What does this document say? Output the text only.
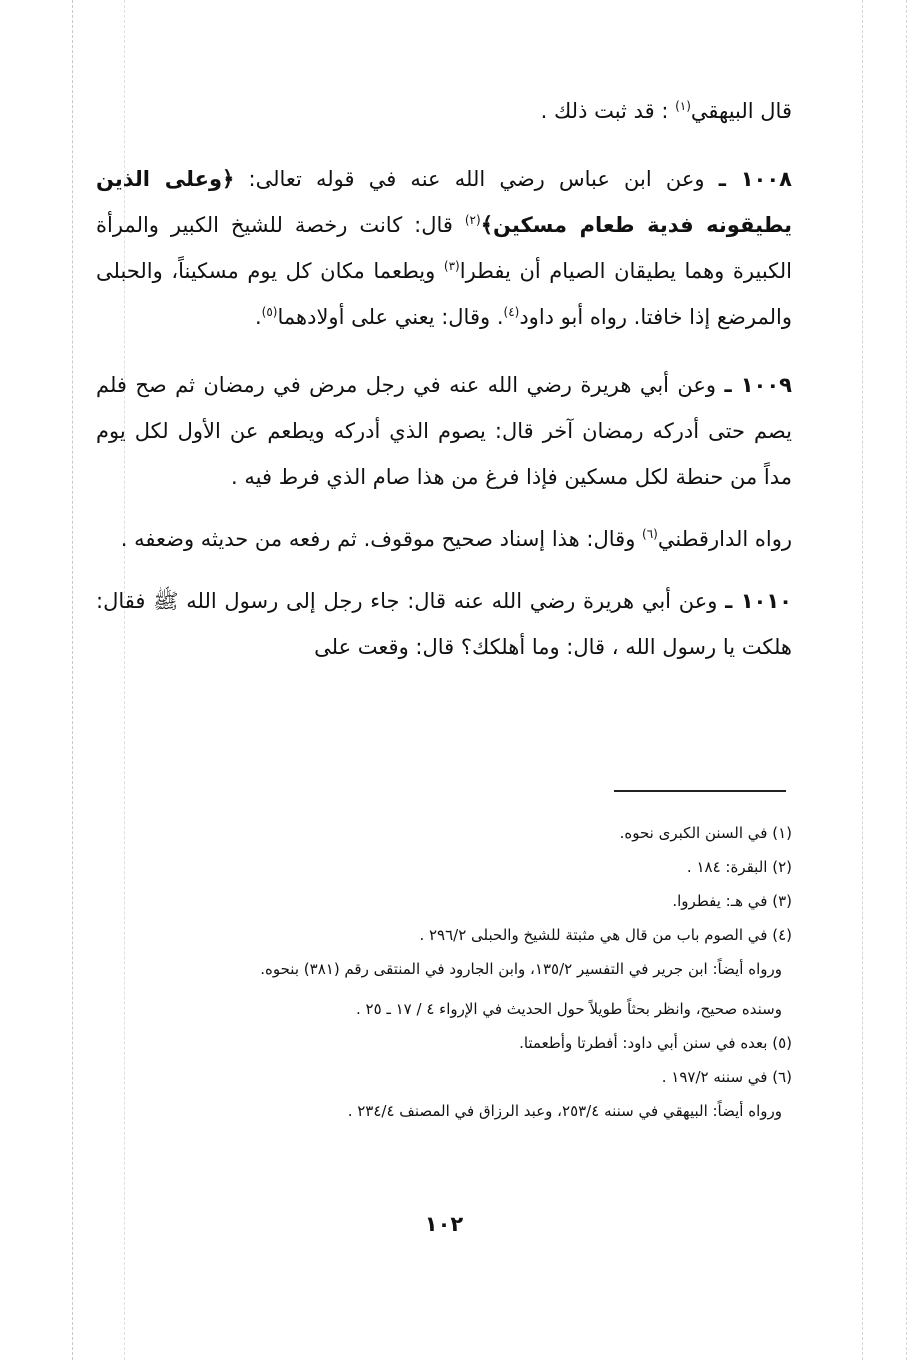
قال البيهقي$^{(١)}$ : قد ثبت ذلك .

١٠٠٨ ـ وعن ابن عباس رضي الله عنه في قوله تعالى: ﴿وعلى الذين يطيقونه فدية طعام مسكين﴾$^{(٢)}$ قال: كانت رخصة للشيخ الكبير والمرأة الكبيرة وهما يطيقان الصيام أن يفطرا$^{(٣)}$ ويطعما مكان كل يوم مسكيناً، والحبلى والمرضع إذا خافتا. رواه أبو داود$^{(٤)}$. وقال: يعني على أولادهما$^{(٥)}$.

١٠٠٩ ـ وعن أبي هريرة رضي الله عنه في رجل مرض في رمضان ثم صح فلم يصم حتى أدركه رمضان آخر قال: يصوم الذي أدركه ويطعم عن الأول لكل يوم مداً من حنطة لكل مسكين فإذا فرغ من هذا صام الذي فرط فيه .

رواه الدارقطني$^{(٦)}$ وقال: هذا إسناد صحيح موقوف. ثم رفعه من حديثه وضعفه .

١٠١٠ ـ وعن أبي هريرة رضي الله عنه قال: جاء رجل إلى رسول الله ﷺ فقال: هلكت يا رسول الله ، قال: وما أهلكك؟ قال: وقعت على

(١) في السنن الكبرى نحوه.

(٢) البقرة: ١٨٤ .

(٣) في هـ: يفطروا.

(٤) في الصوم باب من قال هي مثبتة للشيخ والحبلى ٢٩٦/٢ .

ورواه أيضاً: ابن جرير في التفسير ١٣٥/٢، وابن الجارود في المنتقى رقم (٣٨١) بنحوه.

وسنده صحيح، وانظر بحثاً طويلاً حول الحديث في الإرواء ٤ / ١٧ ـ ٢٥ .

(٥) بعده في سنن أبي داود: أفطرتا وأطعمتا.

(٦) في سننه ١٩٧/٢ .

ورواه أيضاً: البيهقي في سننه ٢٥٣/٤، وعبد الرزاق في المصنف ٢٣٤/٤ .

١٠٢
